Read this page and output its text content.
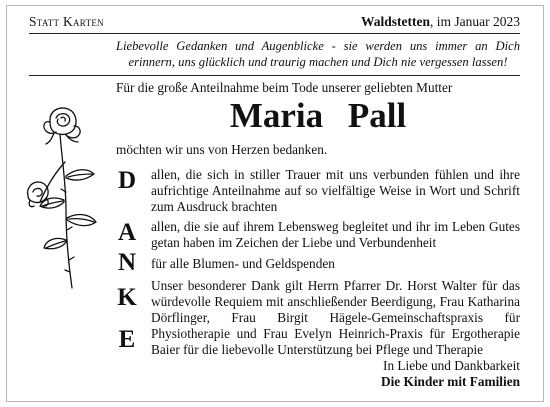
Statt Karten	Waldstetten, im Januar 2023
Liebevolle Gedanken und Augenblicke - sie werden uns immer an Dich erinnern, uns glücklich und traurig machen und Dich nie vergessen lassen!
Für die große Anteilnahme beim Tode unserer geliebten Mutter
Maria Pall
möchten wir uns von Herzen bedanken.
D allen, die sich in stiller Trauer mit uns verbunden fühlen und ihre aufrichtige Anteilnahme auf so vielfältige Weise in Wort und Schrift zum Ausdruck brachten
A allen, die sie auf ihrem Lebensweg begleitet und ihr im Leben Gutes getan haben im Zeichen der Liebe und Verbundenheit
N für alle Blumen- und Geldspenden
K Unser besonderer Dank gilt Herrn Pfarrer Dr. Horst Walter für das würdevolle Requiem mit anschließender Beerdigung, Frau Katharina Dörflinger, Frau Birgit Hägele-Gemeinschaftspraxis für Physiotherapie und Frau Evelyn Heinrich-Praxis für Ergotherapie
E Baier für die liebevolle Unterstützung bei Pflege und Therapie
In Liebe und Dankbarkeit
Die Kinder mit Familien
